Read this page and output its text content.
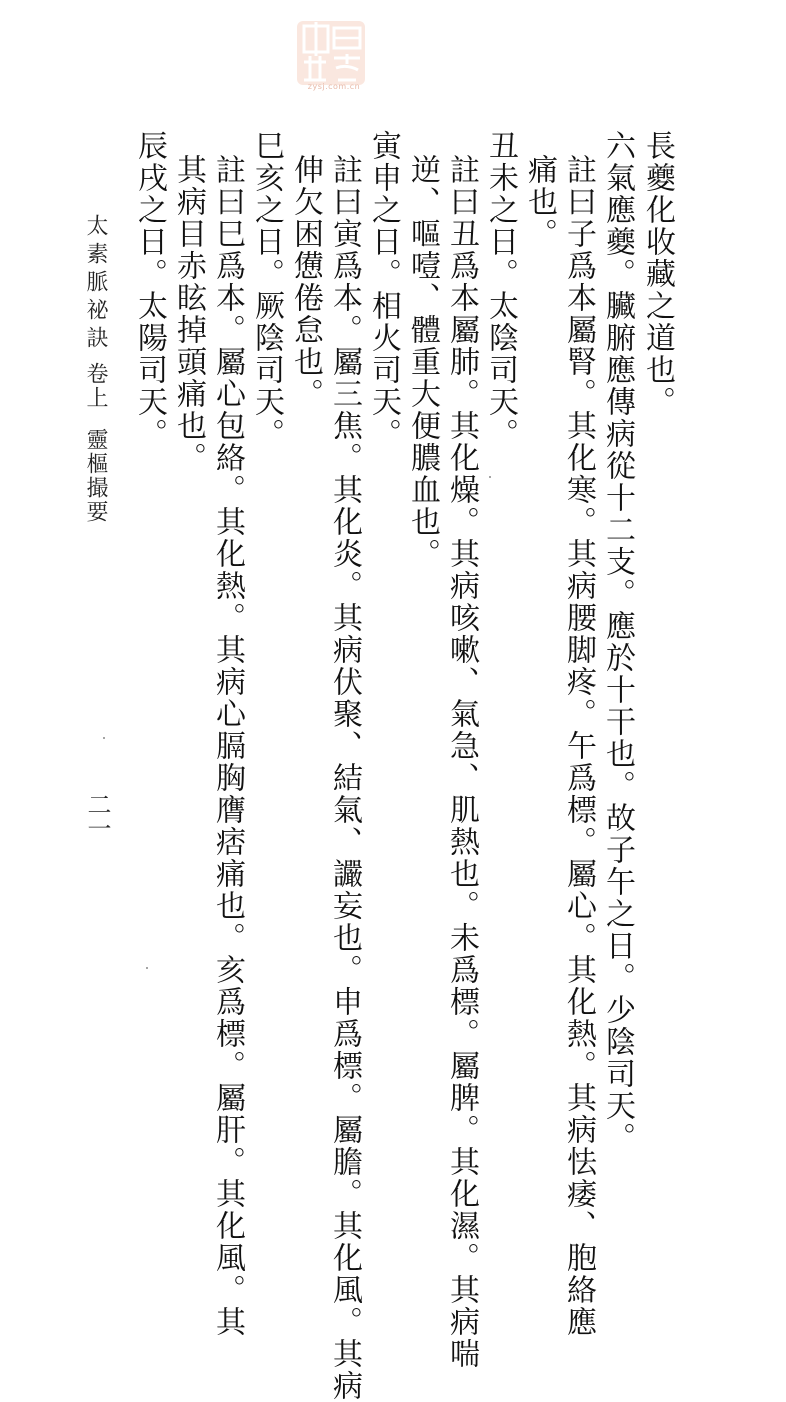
zysj.com.cn
長夔化收藏之道也。
六氣應夔。臟腑應傳病從十二支。應於十干也。故子午之日。少陰司天。
註曰子爲本屬腎。其化寒。其病腰脚疼。午爲標。屬心。其化熱。其病怯痿、胞絡應
痛也。
丑未之日。太陰司天。
註曰丑爲本屬肺。其化燥。其病咳嗽、氣急、肌熱也。未爲標。屬脾。其化濕。其病喘
逆、嘔噎、體重大便膿血也。
寅申之日。相火司天。
註曰寅爲本。屬三焦。其化炎。其病伏聚、結氣、讝妄也。申爲標。屬膽。其化風。其病
伸欠困憊倦怠也。
巳亥之日。厥陰司天。
註曰巳爲本。屬心包絡。其化熱。其病心膈胸膺痞痛也。亥爲標。屬肝。其化風。其
其病目赤眩掉頭痛也。
辰戌之日。太陽司天。
太素脈祕訣
卷上
靈樞撮要
二一
